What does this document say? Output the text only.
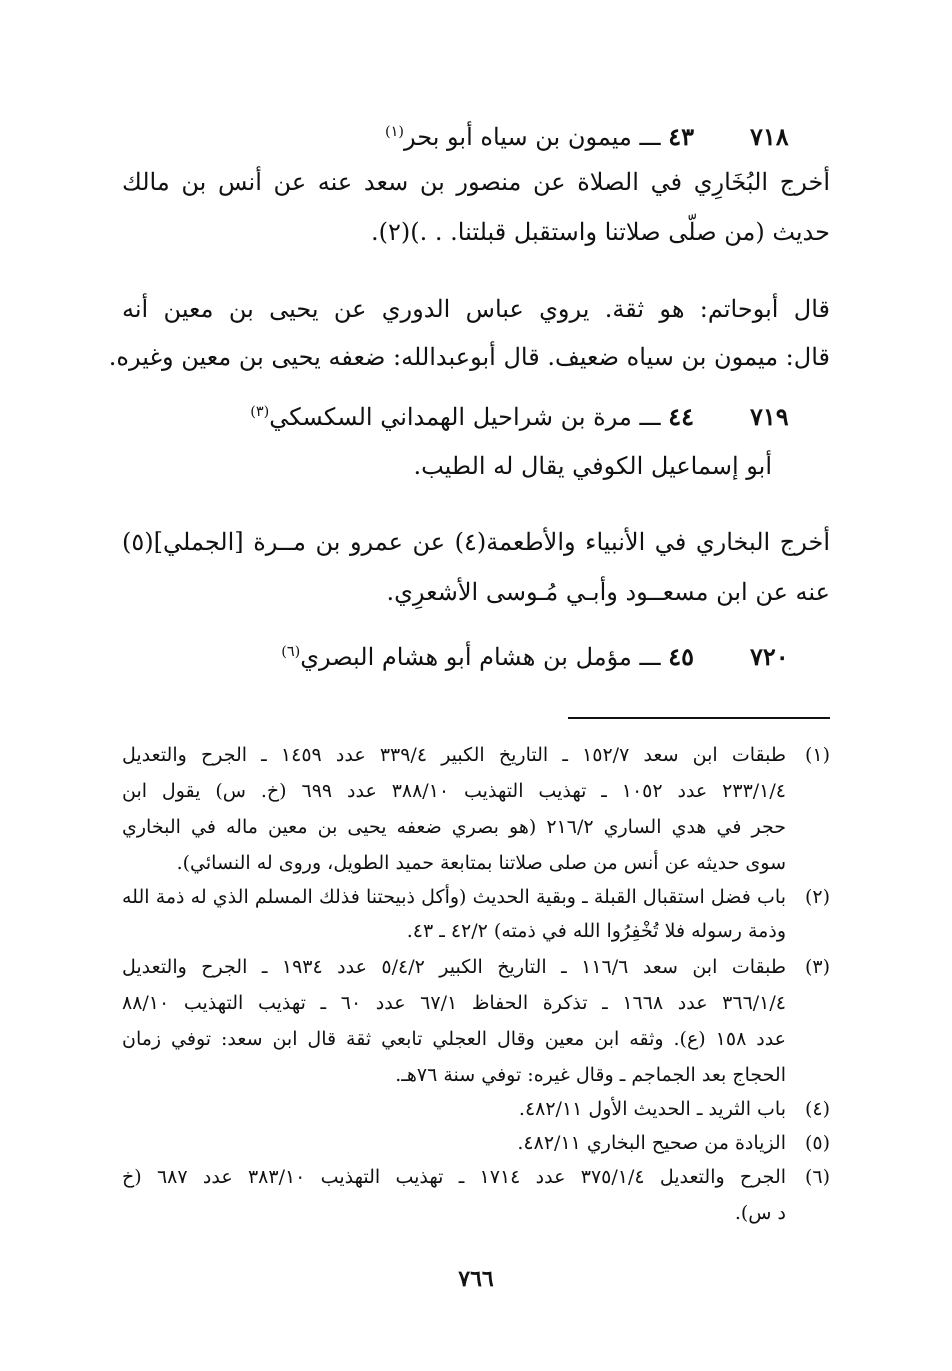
٧١٨
٤٣ ـــ ميمون بن سياه أبو بحر$^{(١)}$
أخرج البُخَارِي في الصلاة عن منصور بن سعد عنه عن أنس بن مالك
حديث (من صلّى صلاتنا واستقبل قبلتنا. . .)(٢).
قال أبوحاتم: هو ثقة. يروي عباس الدوري عن يحيى بن معين أنه
قال: ميمون بن سياه ضعيف. قال أبوعبدالله: ضعفه يحيى بن معين وغيره.
٧١٩
٤٤ ـــ مرة بن شراحيل الهمداني السكسكي$^{(٣)}$
أبو إسماعيل الكوفي يقال له الطيب.
أخرج البخاري في الأنبياء والأطعمة(٤) عن عمرو بن مــرة [الجملي](٥)
عنه عن ابن مسعــود وأبـي مُـوسى الأشعرِي.
٧٢٠
٤٥ ـــ مؤمل بن هشام أبو هشام البصري$^{(٦)}$
(١)
طبقات ابن سعد ١٥٢/٧ ـ التاريخ الكبير ٣٣٩/٤ عدد ١٤٥٩ ـ الجرح والتعديل
٢٣٣/١/٤ عدد ١٠٥٢ ـ تهذيب التهذيب ٣٨٨/١٠ عدد ٦٩٩ (خ. س) يقول ابن
حجر في هدي الساري ٢١٦/٢ (هو بصري ضعفه يحيى بن معين ماله في البخاري
سوى حديثه عن أنس من صلى صلاتنا بمتابعة حميد الطويل، وروى له النسائي).
(٢)
باب فضل استقبال القبلة ـ وبقية الحديث (وأكل ذبيحتنا فذلك المسلم الذي له ذمة الله
وذمة رسوله فلا تُخْفِرُوا الله في ذمته) ٤٢/٢ ـ ٤٣.
(٣)
طبقات ابن سعد ١١٦/٦ ـ التاريخ الكبير ٥/٤/٢ عدد ١٩٣٤ ـ الجرح والتعديل
٣٦٦/١/٤ عدد ١٦٦٨ ـ تذكرة الحفاظ ٦٧/١ عدد ٦٠ ـ تهذيب التهذيب ٨٨/١٠
عدد ١٥٨ (ع). وثقه ابن معين وقال العجلي تابعي ثقة قال ابن سعد: توفي زمان
الحجاج بعد الجماجم ـ وقال غيره: توفي سنة ٧٦هـ.
(٤)
باب الثريد ـ الحديث الأول ٤٨٢/١١.
(٥)
الزيادة من صحيح البخاري ٤٨٢/١١.
(٦)
الجرح والتعديل ٣٧٥/١/٤ عدد ١٧١٤ ـ تهذيب التهذيب ٣٨٣/١٠ عدد ٦٨٧ (خ
د س).
٧٦٦
